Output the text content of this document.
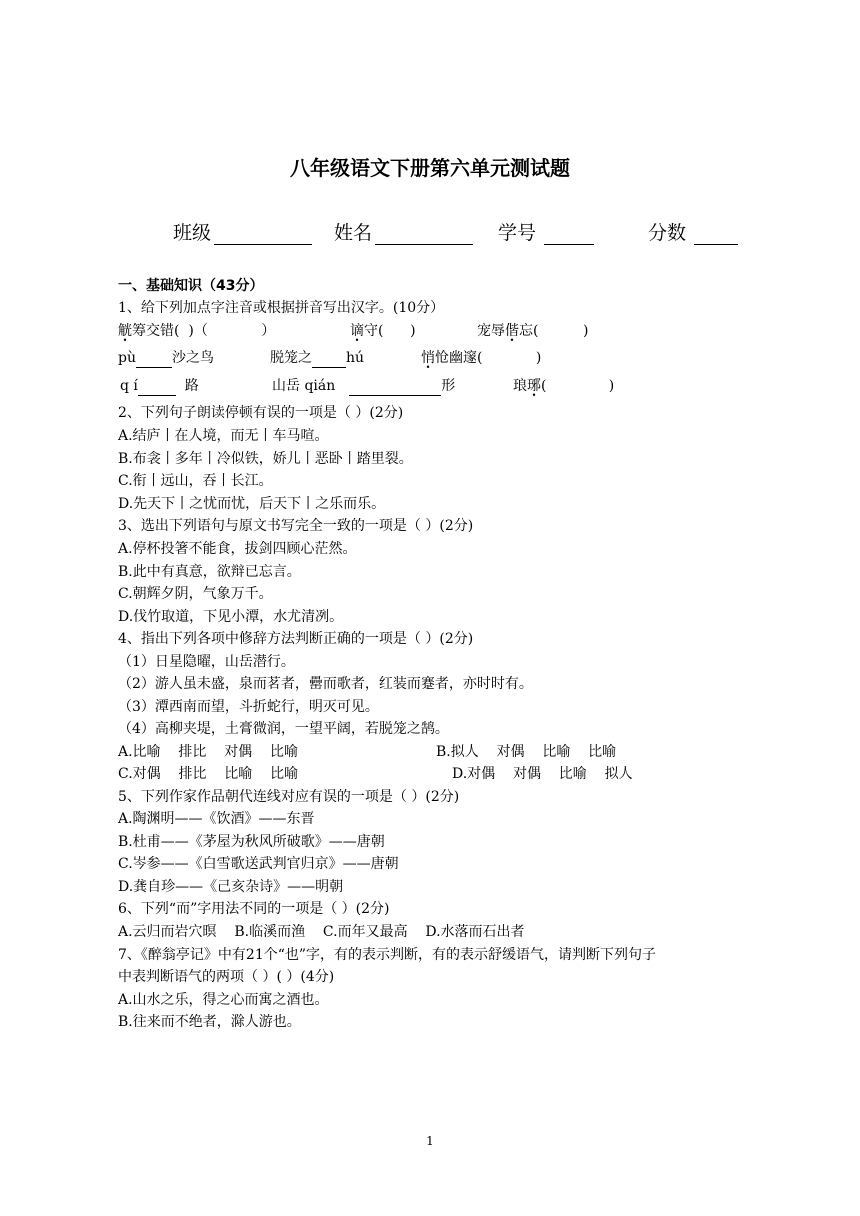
八年级语文下册第六单元测试题
班级	姓名	学号	分数
一、基础知识（43分）
1、给下列加点字注音或根据拼音写出汉字。(10分）
觥筹交错(  )（            ）	谪守(      )	宠辱偕忘(          )
pù	沙之鸟	脱笼之 hú	悄怆幽邃(            )
q í	路	山岳 qián	形	琅琊(              )
2、下列句子朗读停顿有误的一项是（ ）(2分)
A.结庐丨在人境，而无丨车马喧。
B.布衾丨多年丨冷似铁，娇儿丨恶卧丨踏里裂。
C.衔丨远山，吞丨长江。
D.先天下丨之忧而忧，后天下丨之乐而乐。
3、选出下列语句与原文书写完全一致的一项是（ ）(2分)
A.停杯投箸不能食，拔剑四顾心茫然。
B.此中有真意，欲辩已忘言。
C.朝辉夕阴，气象万千。
D.伐竹取道，下见小潭，水尤清冽。
4、指出下列各项中修辞方法判断正确的一项是（ ）(2分)
（1）日星隐曜，山岳潜行。
（2）游人虽未盛，泉而茗者，罍而歌者，红装而蹇者，亦时时有。
（3）潭西南而望，斗折蛇行，明灭可见。
（4）高柳夹堤，土膏微润，一望平阔，若脱笼之鹄。
A.比喻    排比    对偶    比喻	B.拟人    对偶    比喻    比喻
C.对偶    排比    比喻    比喻	D.对偶    对偶    比喻    拟人
5、下列作家作品朝代连线对应有误的一项是（ ）(2分)
A.陶渊明——《饮酒》——东晋
B.杜甫——《茅屋为秋风所破歌》——唐朝
C.岑参——《白雪歌送武判官归京》——唐朝
D.龚自珍——《己亥杂诗》——明朝
6、下列“而”字用法不同的一项是（ ）(2分)
A.云归而岩穴暝    B.临溪而渔    C.而年又最高    D.水落而石出者
7、《醉翁亭记》中有21个“也”字，有的表示判断，有的表示舒缓语气，请判断下列句子
中表判断语气的两项（ ）( ）(4分)
A.山水之乐，得之心而寓之酒也。
B.往来而不绝者，滁人游也。
1
